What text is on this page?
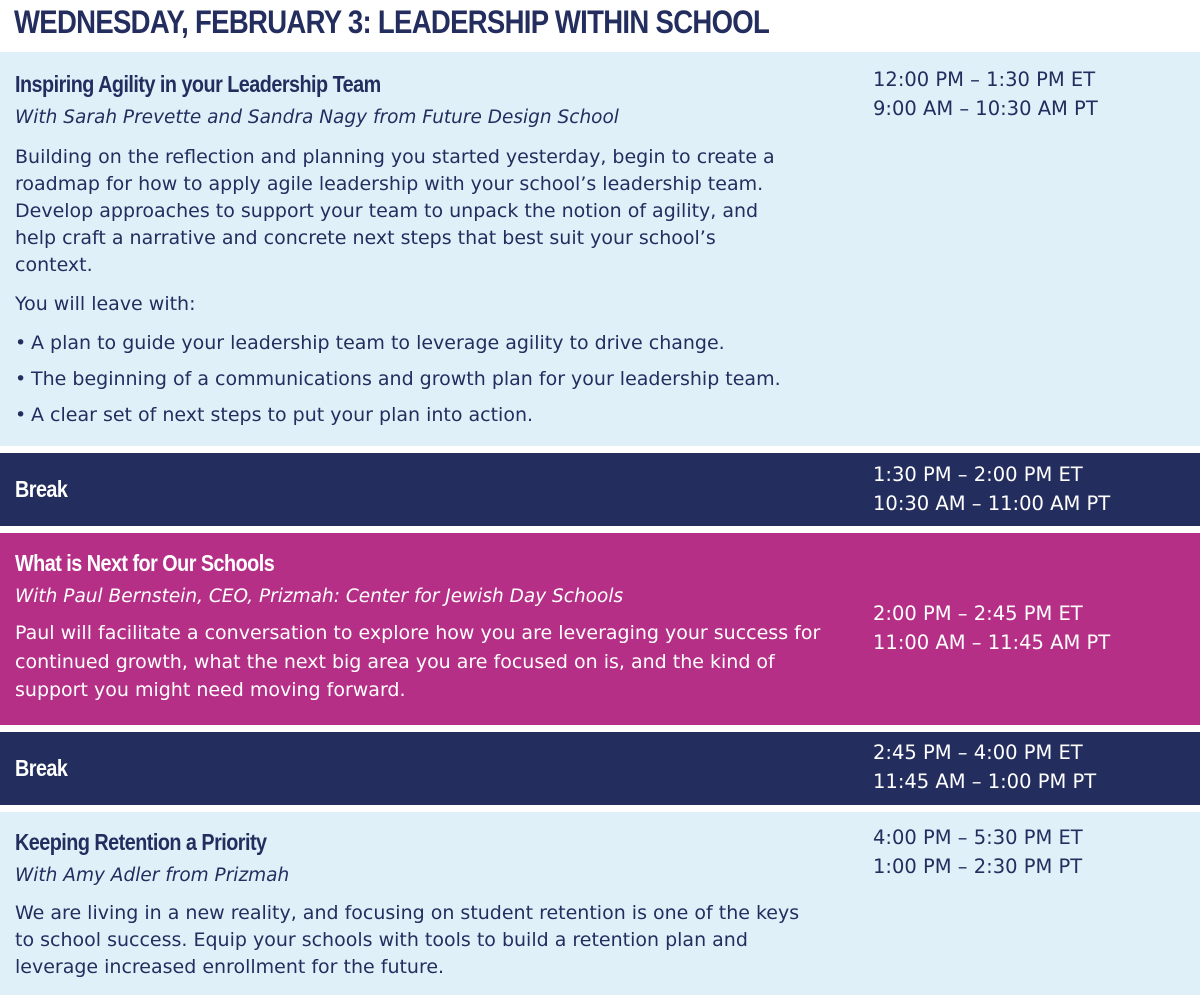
WEDNESDAY, FEBRUARY 3: LEADERSHIP WITHIN SCHOOL
Inspiring Agility in your Leadership Team

With Sarah Prevette and Sandra Nagy from Future Design School

Building on the reflection and planning you started yesterday, begin to create a roadmap for how to apply agile leadership with your school’s leadership team. Develop approaches to support your team to unpack the notion of agility, and help craft a narrative and concrete next steps that best suit your school’s context.

You will leave with:

• A plan to guide your leadership team to leverage agility to drive change.
• The beginning of a communications and growth plan for your leadership team.
• A clear set of next steps to put your plan into action.
12:00 PM – 1:30 PM ET
9:00 AM – 10:30 AM PT
Break
1:30 PM – 2:00 PM ET
10:30 AM – 11:00 AM PT
What is Next for Our Schools

With Paul Bernstein, CEO, Prizmah: Center for Jewish Day Schools

Paul will facilitate a conversation to explore how you are leveraging your success for continued growth, what the next big area you are focused on is, and the kind of support you might need moving forward.

2:00 PM – 2:45 PM ET
11:00 AM – 11:45 AM PT
Break
2:45 PM – 4:00 PM ET
11:45 AM – 1:00 PM PT
Keeping Retention a Priority

With Amy Adler from Prizmah

We are living in a new reality, and focusing on student retention is one of the keys to school success. Equip your schools with tools to build a retention plan and leverage increased enrollment for the future.

4:00 PM – 5:30 PM ET
1:00 PM – 2:30 PM PT
